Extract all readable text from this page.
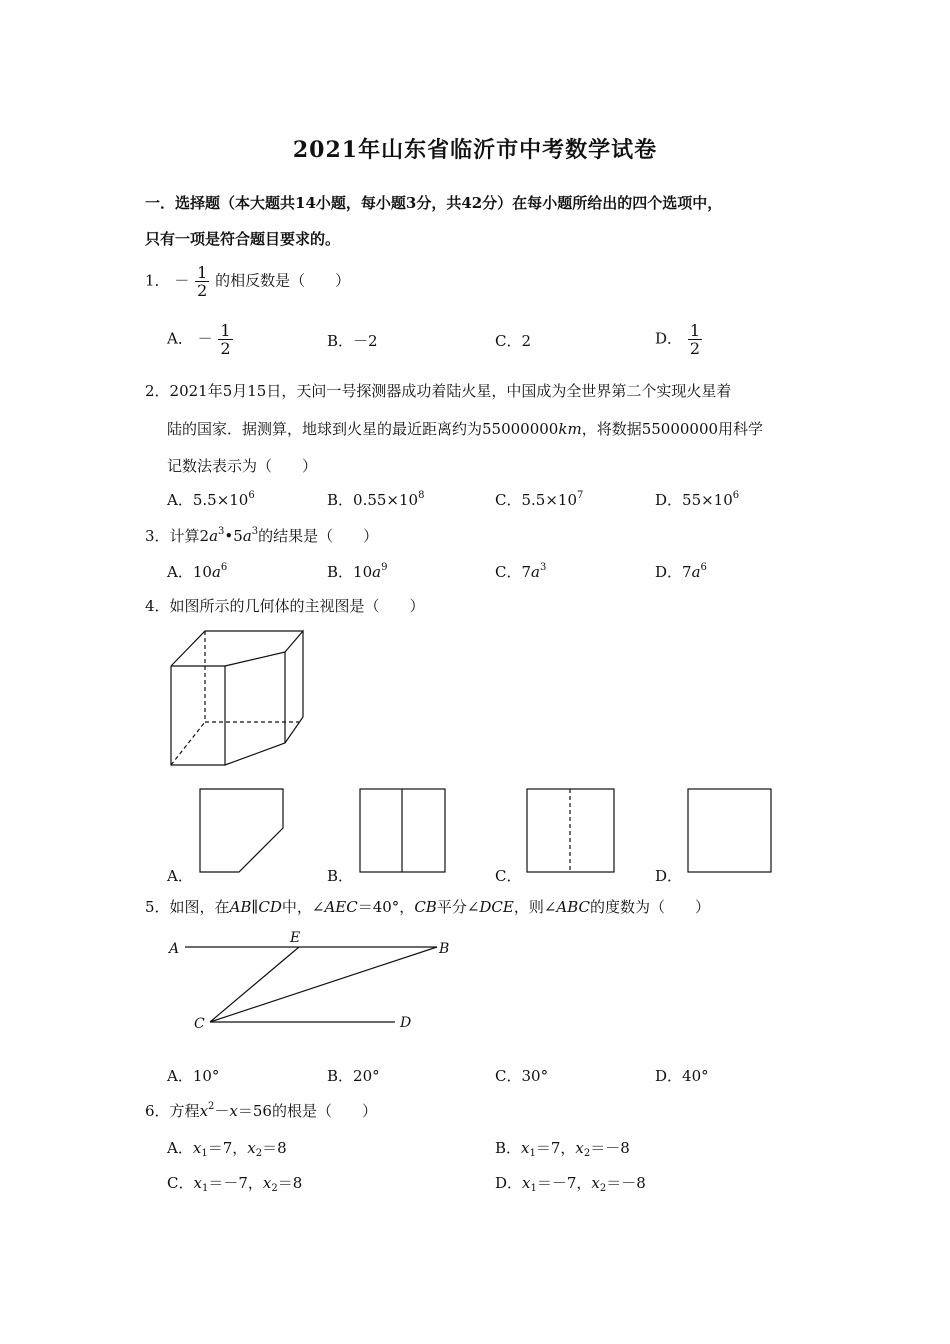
2021年山东省临沂市中考数学试卷
一．选择题（本大题共14小题，每小题3分，共42分）在每小题所给出的四个选项中，
只有一项是符合题目要求的。
1． － $\frac{1}{2}$ 的相反数是（　　）
A． － $\frac{1}{2}$	B．－2	C．2	D． $\frac{1}{2}$
2．2021年5月15日，天问一号探测器成功着陆火星，中国成为全世界第二个实现火星着
陆的国家．据测算，地球到火星的最近距离约为55000000km，将数据55000000用科学
记数法表示为（　　）
A．$5.5\times 10^6$	B．$0.55\times 10^8$	C．$5.5\times 10^7$	D．$55\times 10^6$
3．计算$2a^3•5a^3$的结果是（　　）
A．$10a^6$	B．$10a^9$	C．$7a^3$	D．$7a^6$
4．如图所示的几何体的主视图是（　　）
A．	B．	C．	D．
5．如图，在AB∥CD中，∠AEC＝40°，CB平分∠DCE，则∠ABC的度数为（　　）
A
E
B
C	D
A．10°	B．20°	C．30°	D．40°
6．方程$x^2-x=56$的根是（　　）
A．$x_1=7$，$x_2=8$	B．$x_1=7$，$x_2=-8$
C．$x_1=-7$，$x_2=8$	D．$x_1=-7$，$x_2=-8$
